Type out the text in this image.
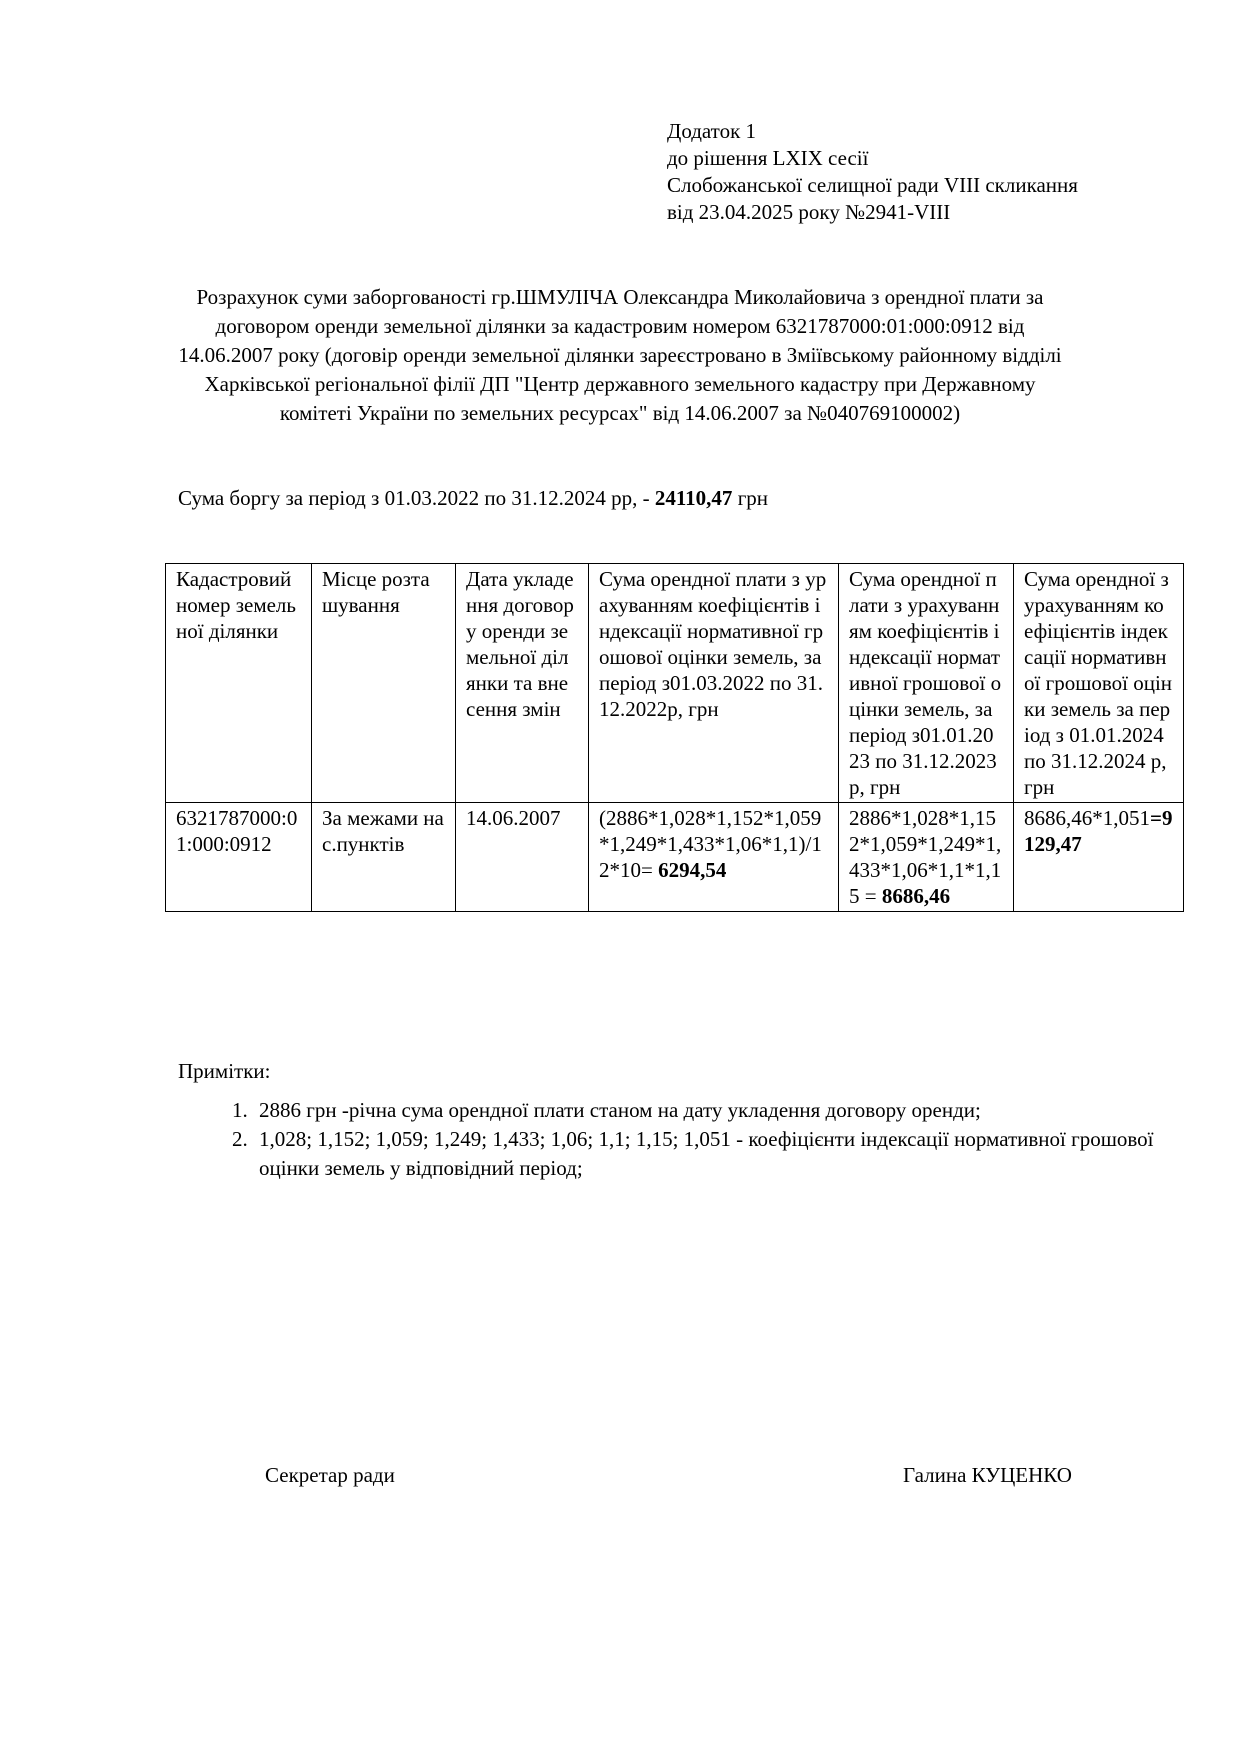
Додаток 1
до рішення LXIX сесії
Слобожанської селищної ради VIII скликання
від 23.04.2025 року №2941-VIII
Розрахунок суми заборгованості гр.ШМУЛІЧА Олександра Миколайовича з орендної плати за договором оренди земельної ділянки за кадастровим номером 6321787000:01:000:0912 від 14.06.2007 року (договір оренди земельної ділянки зареєстровано в Зміївському районному відділі Харківської регіональної філії ДП "Центр державного земельного кадастру при Державному комітеті України по земельних ресурсах" від 14.06.2007 за №040769100002)
Сума боргу за період з 01.03.2022 по 31.12.2024 рр, - 24110,47 грн
Кадастровий номер земельної ділянки	Місце розташування	Дата укладення договору оренди земельної ділянки та внесення змін	Сума орендної плати з урахуванням коефіцієнтів індексації нормативної грошової оцінки земель, за період з01.03.2022 по 31.12.2022р, грн	Сума орендної плати з урахуванням коефіцієнтів індексації нормативної грошової оцінки земель, за період з01.01.2023 по 31.12.2023р, грн	Сума орендної з урахуванням коефіцієнтів індексації нормативної грошової оцінки земель за період з 01.01.2024 по 31.12.2024 р, грн
6321787000:01:000:0912	За межами нас.пунктів	14.06.2007	(2886*1,028*1,152*1,059*1,249*1,433*1,06*1,1)/12*10= 6294,54	2886*1,028*1,152*1,059*1,249*1,433*1,06*1,1*1,15 = 8686,46	8686,46*1,051=9129,47
Примітки:
1. 2886 грн -річна сума орендної плати станом на дату укладення договору оренди;
2. 1,028; 1,152; 1,059; 1,249; 1,433; 1,06; 1,1; 1,15; 1,051 - коефіцієнти індексації нормативної грошової оцінки земель у відповідний період;
Секретар ради	Галина КУЦЕНКО
